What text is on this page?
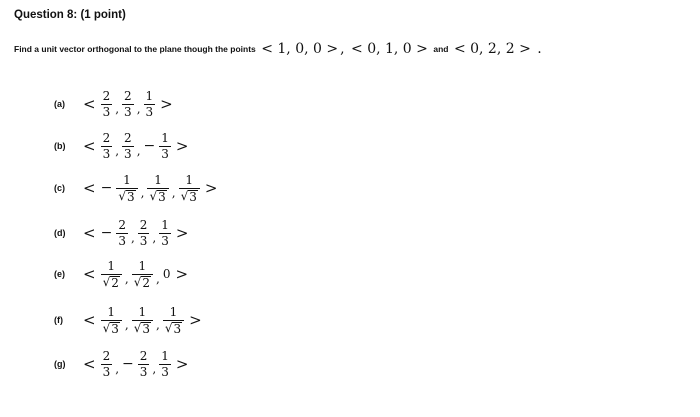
Question 8: (1 point)
Find a unit vector orthogonal to the plane though the points < 1, 0, 0 > , < 0, 1, 0 > and < 0, 2, 2 > .
(a)	< $\frac{2}{3}$ , $\frac{2}{3}$ , $\frac{1}{3}$ >
(b)	< $\frac{2}{3}$ , $\frac{2}{3}$ , − $\frac{1}{3}$ >
(c)	< − $\frac{1}{√ 3}$ , $\frac{1}{√ 3}$ , $\frac{1}{√ 3}$ >
(d)	< − $\frac{2}{3}$ , $\frac{2}{3}$ , $\frac{1}{3}$ >
(e)	< $\frac{1}{√ 2}$ , $\frac{1}{√ 2}$ , 0 >
(f)	< $\frac{1}{√ 3}$ , $\frac{1}{√ 3}$ , $\frac{1}{√ 3}$ >
(g)	< $\frac{2}{3}$ , − $\frac{2}{3}$ , $\frac{1}{3}$ >
